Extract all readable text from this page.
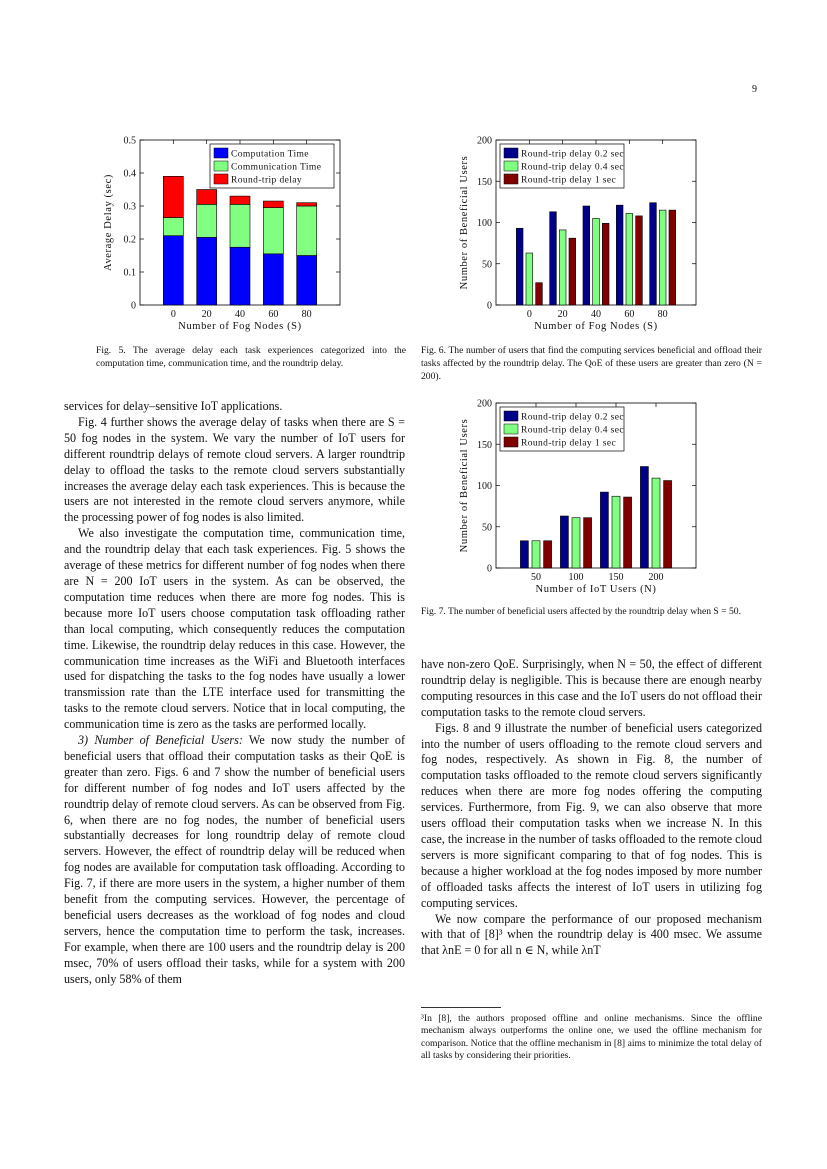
9
0
0.1
0.2
0.3
0.4
0.5
0	20 40 60 80
Number of Fog Nodes (S)
Average Delay (sec)
Computation Time
Communication Time
Round-trip delay
Fig. 5. The average delay each task experiences categorized into the computation time, communication time, and the roundtrip delay.
0
50
100
150
200
0	20 40 60 80
Number of Fog Nodes (S)
Number of Beneficial Users
Round-trip delay 0.2 sec
Round-trip delay 0.4 sec
Round-trip delay 1 sec
Fig. 6. The number of users that find the computing services beneficial and offload their tasks affected by the roundtrip delay. The QoE of these users are greater than zero (N = 200).
0
50
100
150
200
50	100	150	200
Number of IoT Users (N)
Number of Beneficial Users
Round-trip delay 0.2 sec
Round-trip delay 0.4 sec
Round-trip delay 1 sec
Fig. 7. The number of beneficial users affected by the roundtrip delay when S = 50.

services for delay–sensitive IoT applications.

Fig. 4 further shows the average delay of tasks when there are S = 50 fog nodes in the system. We vary the number of IoT users for different roundtrip delays of remote cloud servers. A larger roundtrip delay to offload the tasks to the remote cloud servers substantially increases the average delay each task experiences. This is because the users are not interested in the remote cloud servers anymore, while the processing power of fog nodes is also limited.

We also investigate the computation time, communication time, and the roundtrip delay that each task experiences. Fig. 5 shows the average of these metrics for different number of fog nodes when there are N = 200 IoT users in the system. As can be observed, the computation time reduces when there are more fog nodes. This is because more IoT users choose computation task offloading rather than local computing, which consequently reduces the computation time. Likewise, the roundtrip delay reduces in this case. However, the communication time increases as the WiFi and Bluetooth interfaces used for dispatching the tasks to the fog nodes have usually a lower transmission rate than the LTE interface used for transmitting the tasks to the remote cloud servers. Notice that in local computing, the communication time is zero as the tasks are performed locally.

3) Number of Beneficial Users: We now study the number of beneficial users that offload their computation tasks as their QoE is greater than zero. Figs. 6 and 7 show the number of beneficial users for different number of fog nodes and IoT users affected by the roundtrip delay of remote cloud servers. As can be observed from Fig. 6, when there are no fog nodes, the number of beneficial users substantially decreases for long roundtrip delay of remote cloud servers. However, the effect of roundtrip delay will be reduced when fog nodes are available for computation task offloading. According to Fig. 7, if there are more users in the system, a higher number of them benefit from the computing services. However, the percentage of beneficial users decreases as the workload of fog nodes and cloud servers, hence the computation time to perform the task, increases. For example, when there are 100 users and the roundtrip delay is 200 msec, 70% of users offload their tasks, while for a system with 200 users, only 58% of them

have non-zero QoE. Surprisingly, when N = 50, the effect of different roundtrip delay is negligible. This is because there are enough nearby computing resources in this case and the IoT users do not offload their computation tasks to the remote cloud servers.

Figs. 8 and 9 illustrate the number of beneficial users categorized into the number of users offloading to the remote cloud servers and fog nodes, respectively. As shown in Fig. 8, the number of computation tasks offloaded to the remote cloud servers significantly reduces when there are more fog nodes offering the computing services. Furthermore, from Fig. 9, we can also observe that more users offload their computation tasks when we increase N. In this case, the increase in the number of tasks offloaded to the remote cloud servers is more significant comparing to that of fog nodes. This is because a higher workload at the fog nodes imposed by more number of offloaded tasks affects the interest of IoT users in utilizing fog computing services.

We now compare the performance of our proposed mechanism with that of [8]³ when the roundtrip delay is 400 msec. We assume that λnE = 0 for all n ∈ N, while λnT

³In [8], the authors proposed offline and online mechanisms. Since the offline mechanism always outperforms the online one, we used the offline mechanism for comparison. Notice that the offline mechanism in [8] aims to minimize the total delay of all tasks by considering their priorities.
